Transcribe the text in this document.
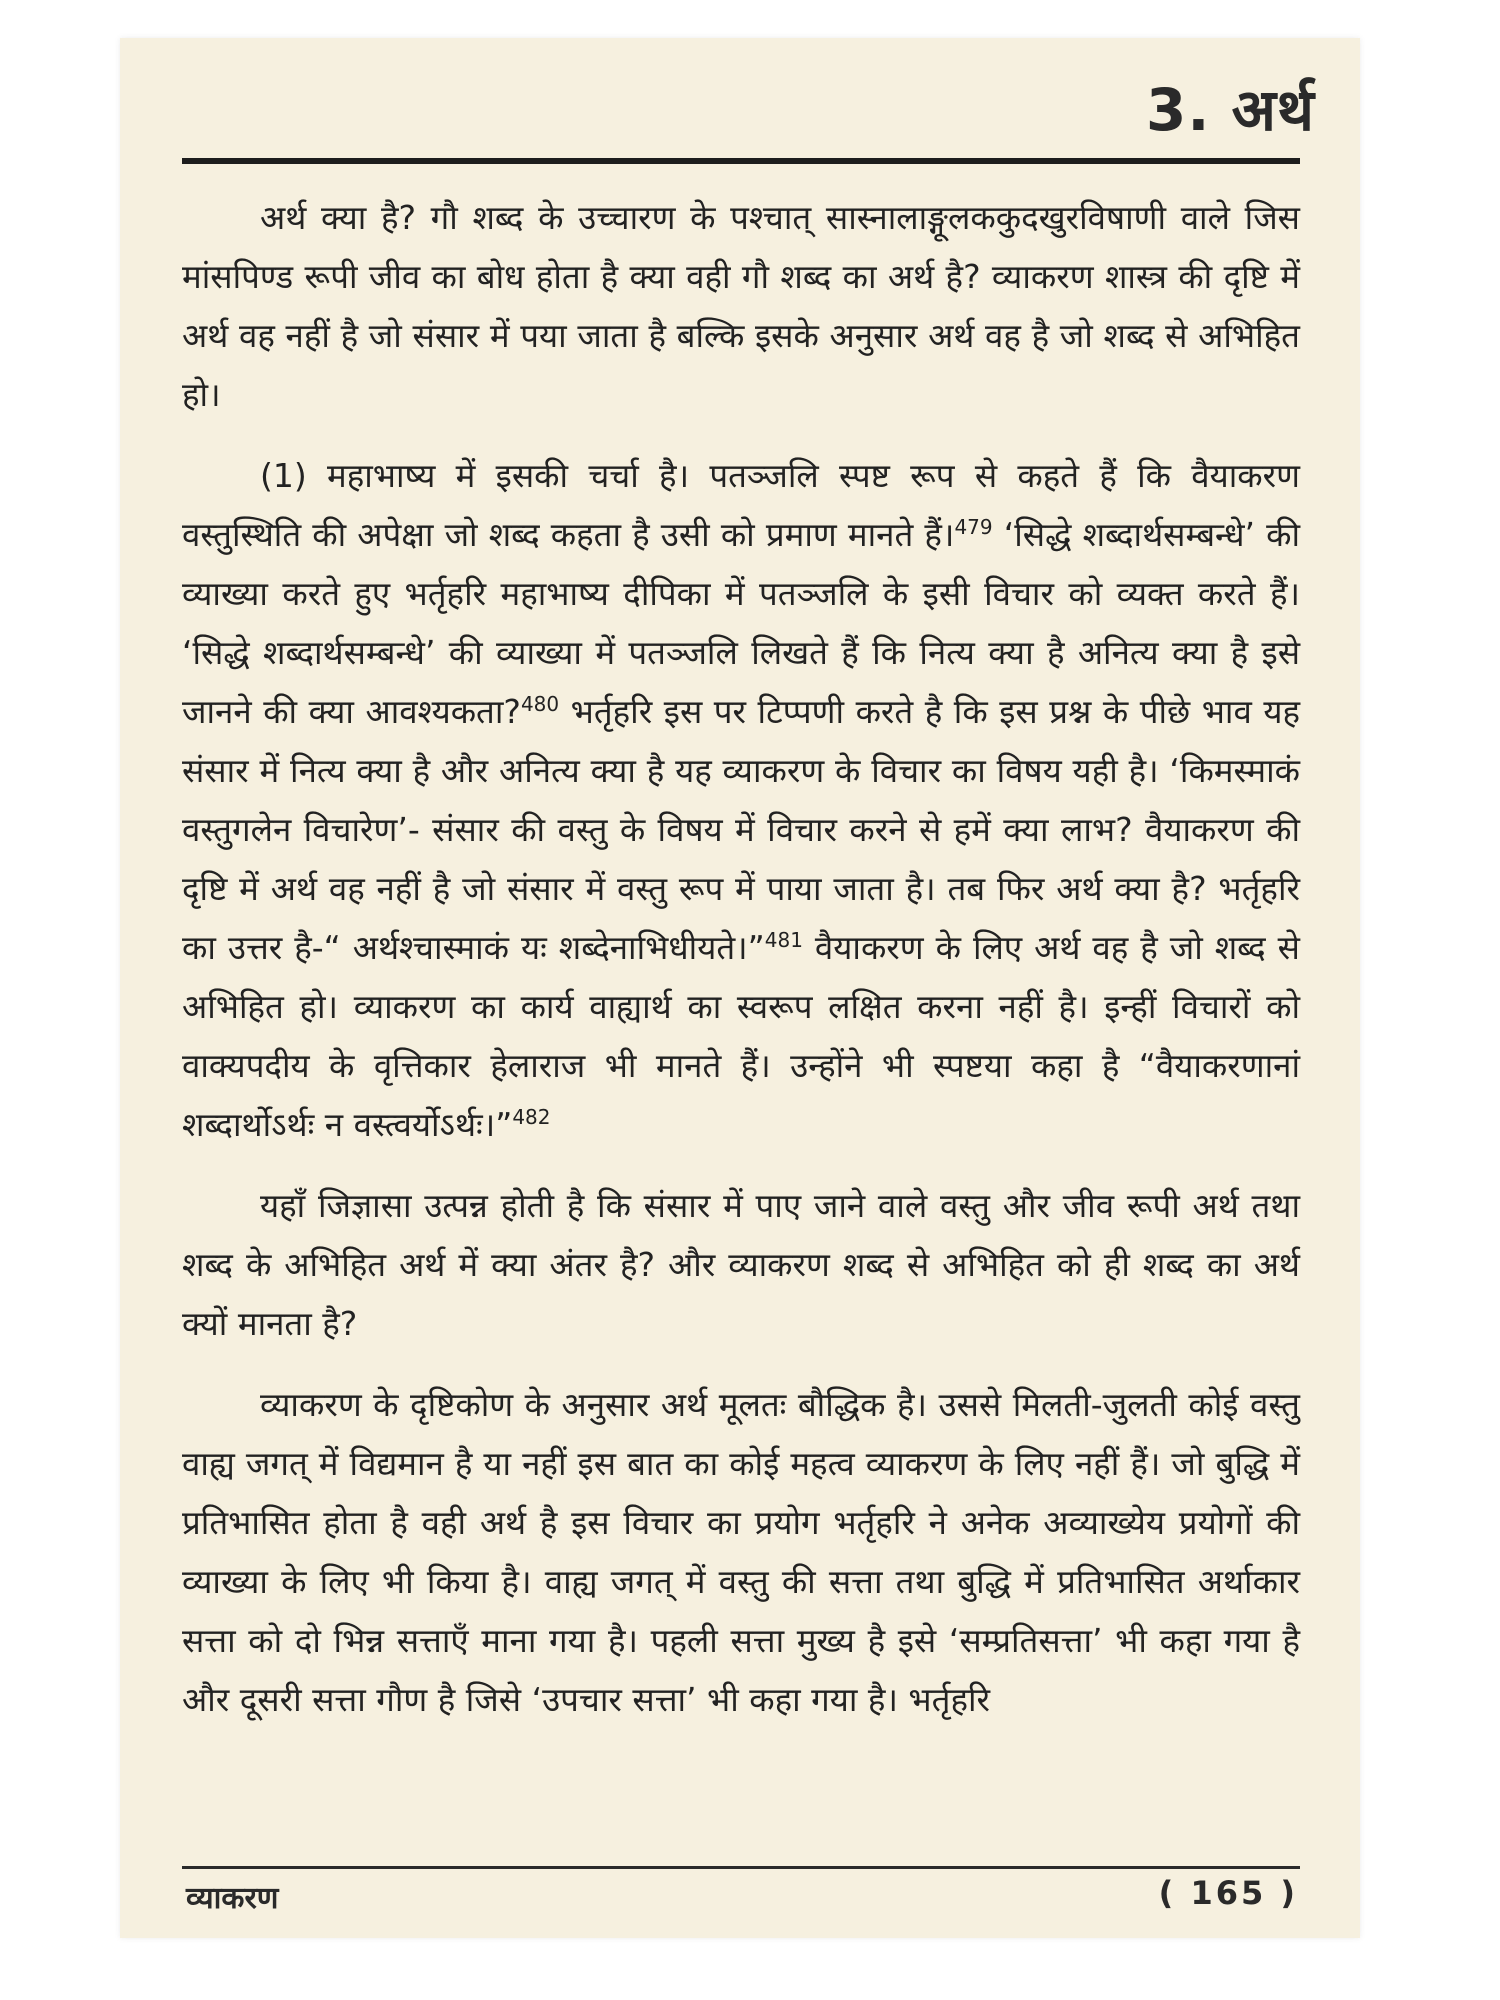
3. अर्थ

अर्थ क्या है? गौ शब्द के उच्चारण के पश्चात् सास्नालाङ्गूलककुदखुरविषाणी वाले जिस मांसपिण्ड रूपी जीव का बोध होता है क्या वही गौ शब्द का अर्थ है? व्याकरण शास्त्र की दृष्टि में अर्थ वह नहीं है जो संसार में पया जाता है बल्कि इसके अनुसार अर्थ वह है जो शब्द से अभिहित हो।

(1) महाभाष्य में इसकी चर्चा है। पतञ्जलि स्पष्ट रूप से कहते हैं कि वैयाकरण वस्तुस्थिति की अपेक्षा जो शब्द कहता है उसी को प्रमाण मानते हैं।$^{479}$ ‘सिद्धे शब्दार्थसम्बन्धे’ की व्याख्या करते हुए भर्तृहरि महाभाष्य दीपिका में पतञ्जलि के इसी विचार को व्यक्त करते हैं। ‘सिद्धे शब्दार्थसम्बन्धे’ की व्याख्या में पतञ्जलि लिखते हैं कि नित्य क्या है अनित्य क्या है इसे जानने की क्या आवश्यकता?$^{480}$ भर्तृहरि इस पर टिप्पणी करते है कि इस प्रश्न के पीछे भाव यह संसार में नित्य क्या है और अनित्य क्या है यह व्याकरण के विचार का विषय यही है। ‘किमस्माकं वस्तुगलेन विचारेण’- संसार की वस्तु के विषय में विचार करने से हमें क्या लाभ? वैयाकरण की दृष्टि में अर्थ वह नहीं है जो संसार में वस्तु रूप में पाया जाता है। तब फिर अर्थ क्या है? भर्तृहरि का उत्तर है-“ अर्थश्चास्माकं यः शब्देनाभिधीयते।”$^{481}$ वैयाकरण के लिए अर्थ वह है जो शब्द से अभिहित हो। व्याकरण का कार्य वाह्यार्थ का स्वरूप लक्षित करना नहीं है। इन्हीं विचारों को वाक्यपदीय के वृत्तिकार हेलाराज भी मानते हैं। उन्होंने भी स्पष्टया कहा है “वैयाकरणानां शब्दार्थोऽर्थः न वस्त्वर्योऽर्थः।”$^{482}$

यहाँ जिज्ञासा उत्पन्न होती है कि संसार में पाए जाने वाले वस्तु और जीव रूपी अर्थ तथा शब्द के अभिहित अर्थ में क्या अंतर है? और व्याकरण शब्द से अभिहित को ही शब्द का अर्थ क्यों मानता है?

व्याकरण के दृष्टिकोण के अनुसार अर्थ मूलतः बौद्धिक है। उससे मिलती-जुलती कोई वस्तु वाह्य जगत् में विद्यमान है या नहीं इस बात का कोई महत्व व्याकरण के लिए नहीं हैं। जो बुद्धि में प्रतिभासित होता है वही अर्थ है इस विचार का प्रयोग भर्तृहरि ने अनेक अव्याख्येय प्रयोगों की व्याख्या के लिए भी किया है। वाह्य जगत् में वस्तु की सत्ता तथा बुद्धि में प्रतिभासित अर्थाकार सत्ता को दो भिन्न सत्ताएँ माना गया है। पहली सत्ता मुख्य है इसे ‘सम्प्रतिसत्ता’ भी कहा गया है और दूसरी सत्ता गौण है जिसे ‘उपचार सत्ता’ भी कहा गया है। भर्तृहरि

व्याकरण	( 165 )
